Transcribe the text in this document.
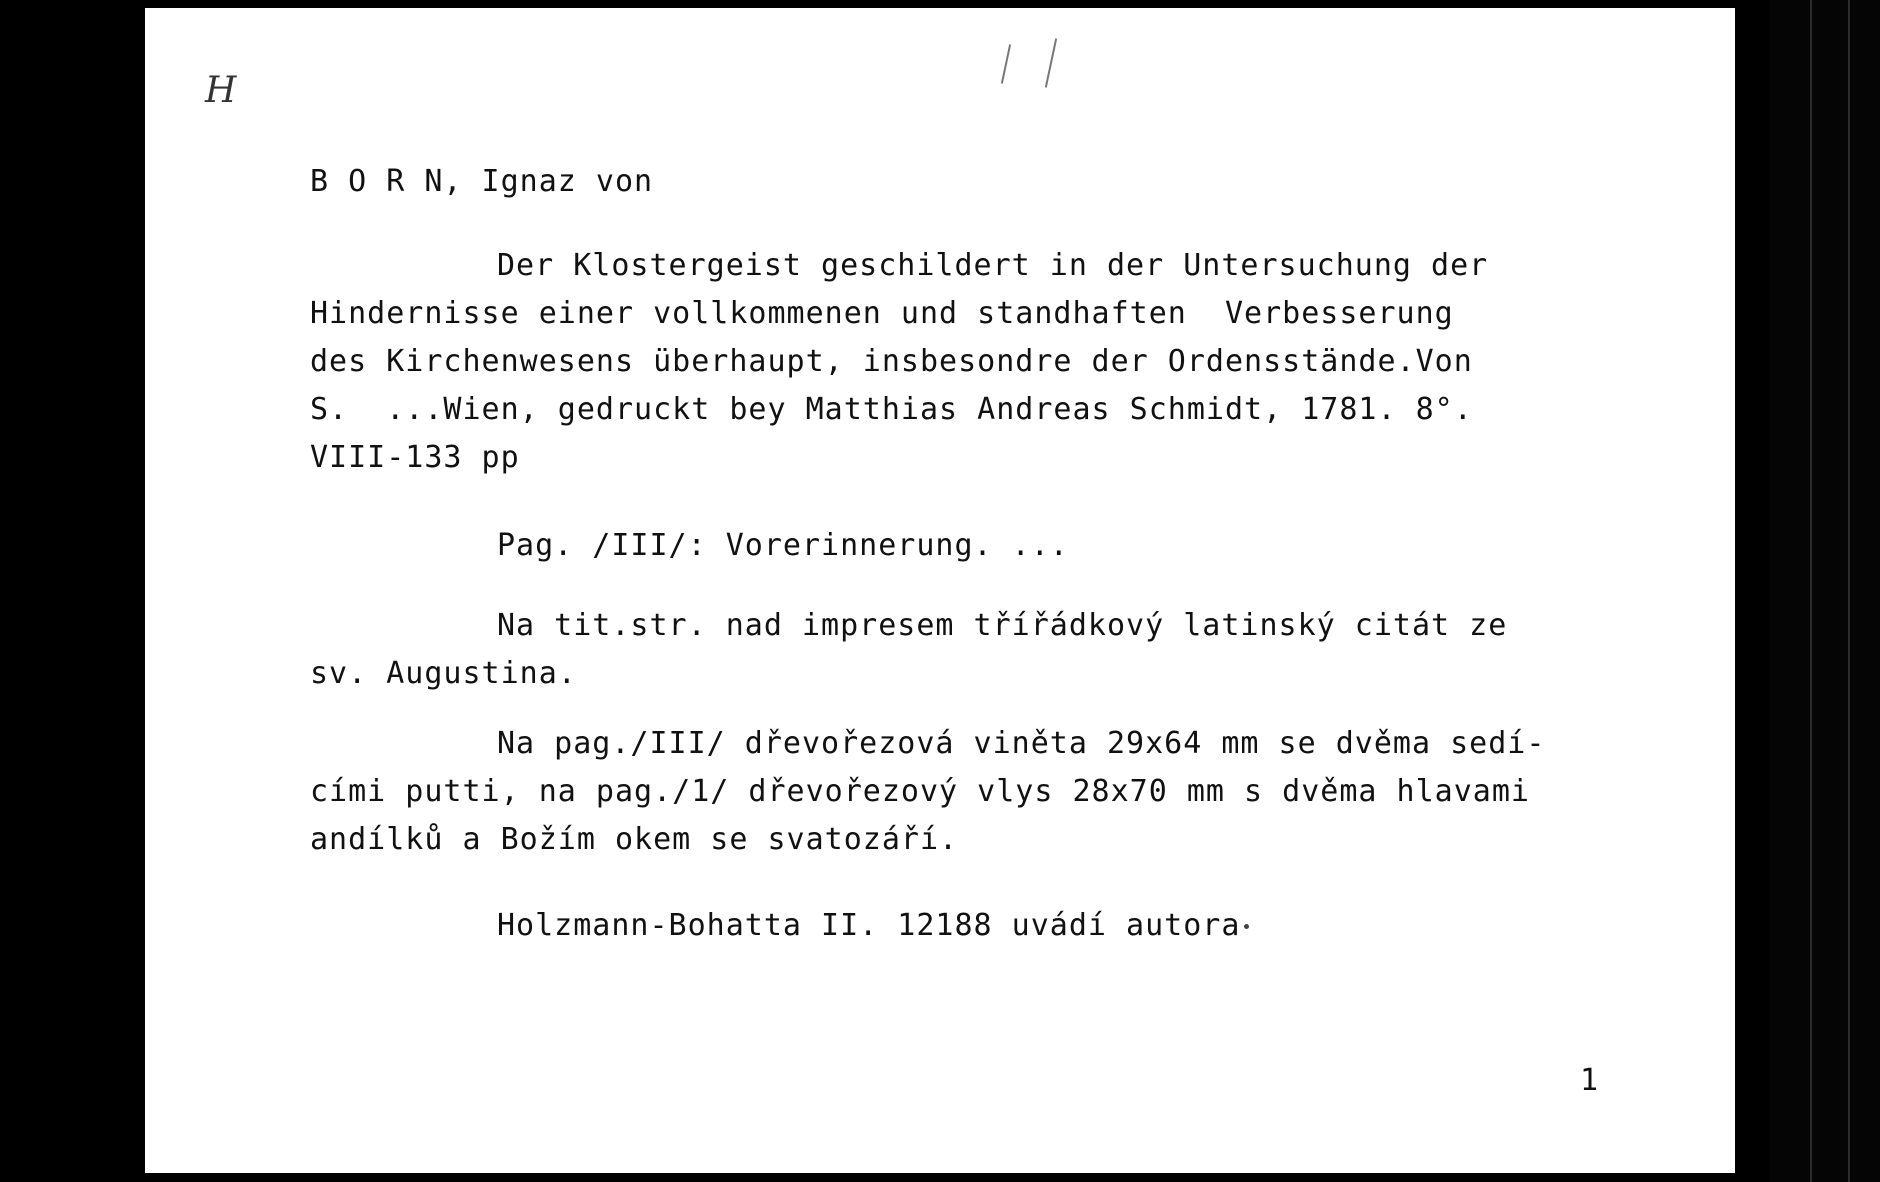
H

B O R N, Ignaz von

Der Klostergeist geschildert in der Untersuchung der

Hindernisse einer vollkommenen und standhaften  Verbesserung

des Kirchenwesens überhaupt, insbesondre der Ordensstände.Von

S.  ...Wien, gedruckt bey Matthias Andreas Schmidt, 1781. 8°.

VIII-133 pp

Pag. /III/: Vorerinnerung. ...

Na tit.str. nad impresem třířádkový latinský citát ze

sv. Augustina.

Na pag./III/ dřevořezová viněta 29x64 mm se dvěma sedí-

cími putti, na pag./1/ dřevořezový vlys 28x70 mm s dvěma hlavami

andílků a Božím okem se svatozáří.

Holzmann-Bohatta II. 12188 uvádí autora

1
